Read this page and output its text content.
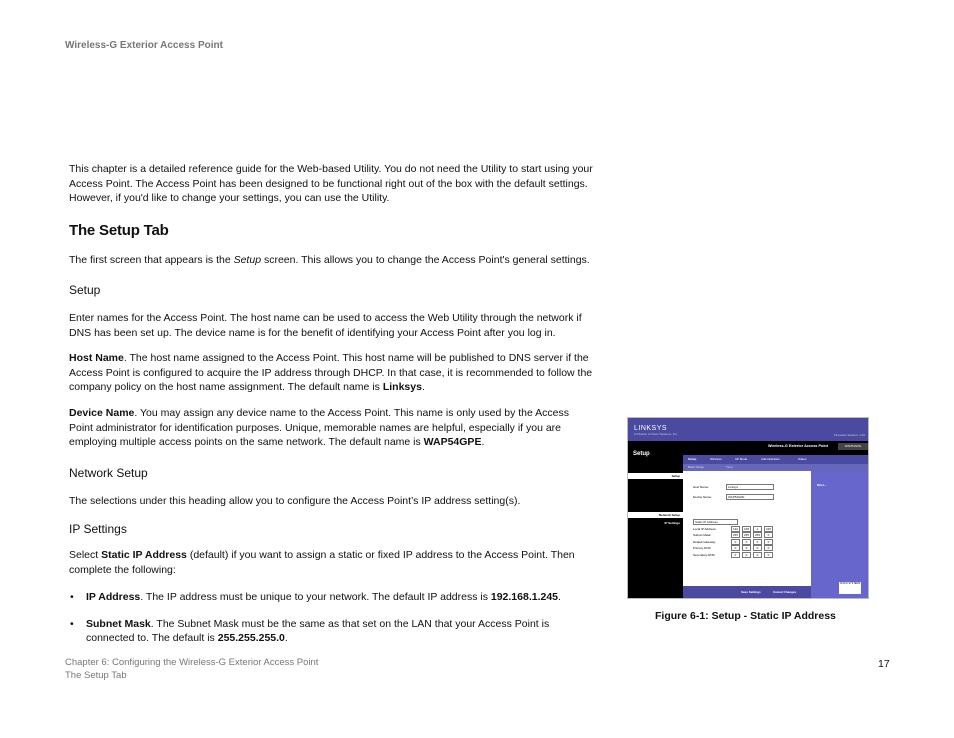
Wireless-G Exterior Access Point
This chapter is a detailed reference guide for the Web-based Utility. You do not need the Utility to start using your Access Point. The Access Point has been designed to be functional right out of the box with the default settings. However, if you'd like to change your settings, you can use the Utility.
The Setup Tab
The first screen that appears is the Setup screen. This allows you to change the Access Point's general settings.
Setup
Enter names for the Access Point. The host name can be used to access the Web Utility through the network if DNS has been set up. The device name is for the benefit of identifying your Access Point after you log in.
Host Name. The host name assigned to the Access Point. This host name will be published to DNS server if the Access Point is configured to acquire the IP address through DHCP. In that case, it is recommended to follow the company policy on the host name assignment. The default name is Linksys.
Device Name. You may assign any device name to the Access Point. This name is only used by the Access Point administrator for identification purposes. Unique, memorable names are helpful, especially if you are employing multiple access points on the same network. The default name is WAP54GPE.
Network Setup
The selections under this heading allow you to configure the Access Point’s IP address setting(s).
IP Settings
Select Static IP Address (default) if you want to assign a static or fixed IP address to the Access Point. Then complete the following:
• IP Address. The IP address must be unique to your network. The default IP address is 192.168.1.245.
• Subnet Mask. The Subnet Mask must be the same as that set on the LAN that your Access Point is connected to. The default is 255.255.255.0.
LINKSYS
A Division of Cisco Systems, Inc.	Firmware Version: 1.02
Setup
Wireless-G Exterior Access Point	WAP54GPE
Setup	Wireless	AP Mode	Administration	Status
Basic Setup	Time
Setup
Network Setup
IP Settings
Host Name:	Linksys
Device Name:	WAP54GPE
Static IP Address
Local IP Address:	192	168	1	245
Subnet Mask:	255	255	255	0
Default Gateway:	0	0	0	0
Primary DNS:	0	0	0	0
Secondary DNS:	0	0	0	0
More...
CISCO SYSTEMS
Save Settings	Cancel Changes
Figure 6-1: Setup - Static IP Address
Chapter 6: Configuring the Wireless-G Exterior Access Point
The Setup Tab
17
